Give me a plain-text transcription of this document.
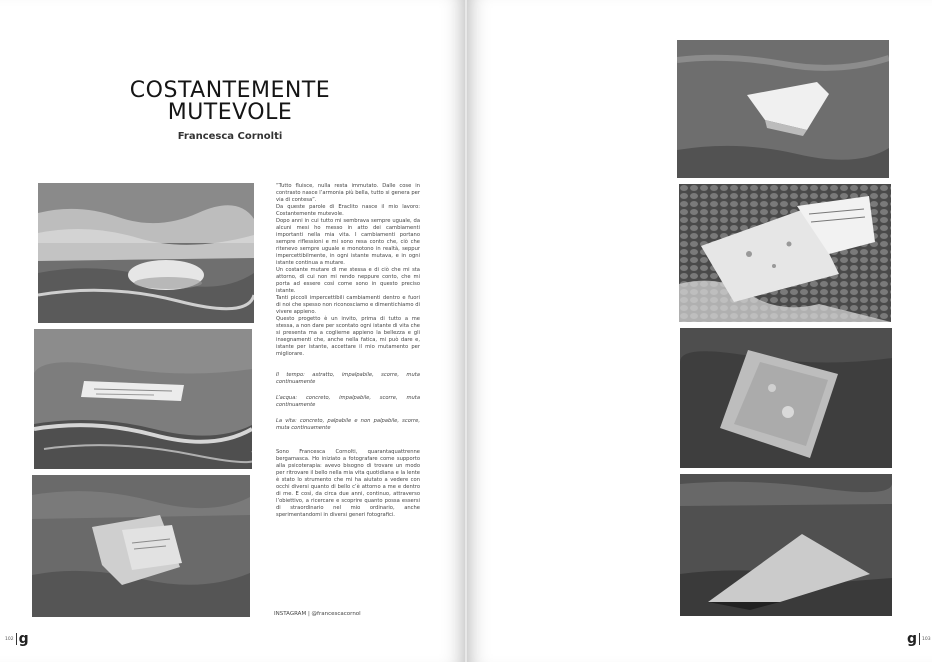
COSTANTEMENTE
MUTEVOLE
Francesca Cornolti

“Tutto fluisce, nulla resta immutato. Dalle cose in contrasto nasce l’armonia più bella, tutto si genera per via di contesa”.

Da queste parole di Eraclito nasce il mio lavoro: Costantemente mutevole.

Dopo anni in cui tutto mi sembrava sempre uguale, da alcuni mesi ho messo in atto dei cambiamenti importanti nella mia vita. I cambiamenti portano sempre riflessioni e mi sono resa conto che, ciò che ritenevo sempre uguale e monotono in realtà, seppur impercettibilmente, in ogni istante mutava, e in ogni istante continua a mutare.

Un costante mutare di me stessa e di ciò che mi sta attorno, di cui non mi rendo neppure conto, che mi porta ad essere così come sono in questo preciso istante.

Tanti piccoli impercettibili cambiamenti dentro e fuori di noi che spesso non riconosciamo e dimentichiamo di vivere appieno.

Questo progetto è un invito, prima di tutto a me stessa, a non dare per scontato ogni istante di vita che si presenta ma a coglierne appieno la bellezza e gli insegnamenti che, anche nella fatica, mi può dare e, istante per istante, accettare il mio mutamento per migliorare.

Il tempo: astratto, impalpabile, scorre, muta continuamente

L’acqua: concreto, impalpabile, scorre, muta continuamente

La vita: concreto, palpabile e non palpabile, scorre, muta continuamente

Sono Francesca Cornolti, quarantaquattrenne bergamasca. Ho iniziato a fotografare come supporto alla psicoterapia: avevo bisogno di trovare un modo per ritrovare il bello nella mia vita quotidiana e la lente è stato lo strumento che mi ha aiutato a vedere con occhi diversi quanto di bello c’è attorno a me e dentro di me. E così, da circa due anni, continuo, attraverso l’obiettivo, a ricercare e scoprire quanto possa essersi di straordinario nel mio ordinario, anche sperimentandomi in diversi generi fotografici.

INSTAGRAM | @francescacornol
102 g	g 103
